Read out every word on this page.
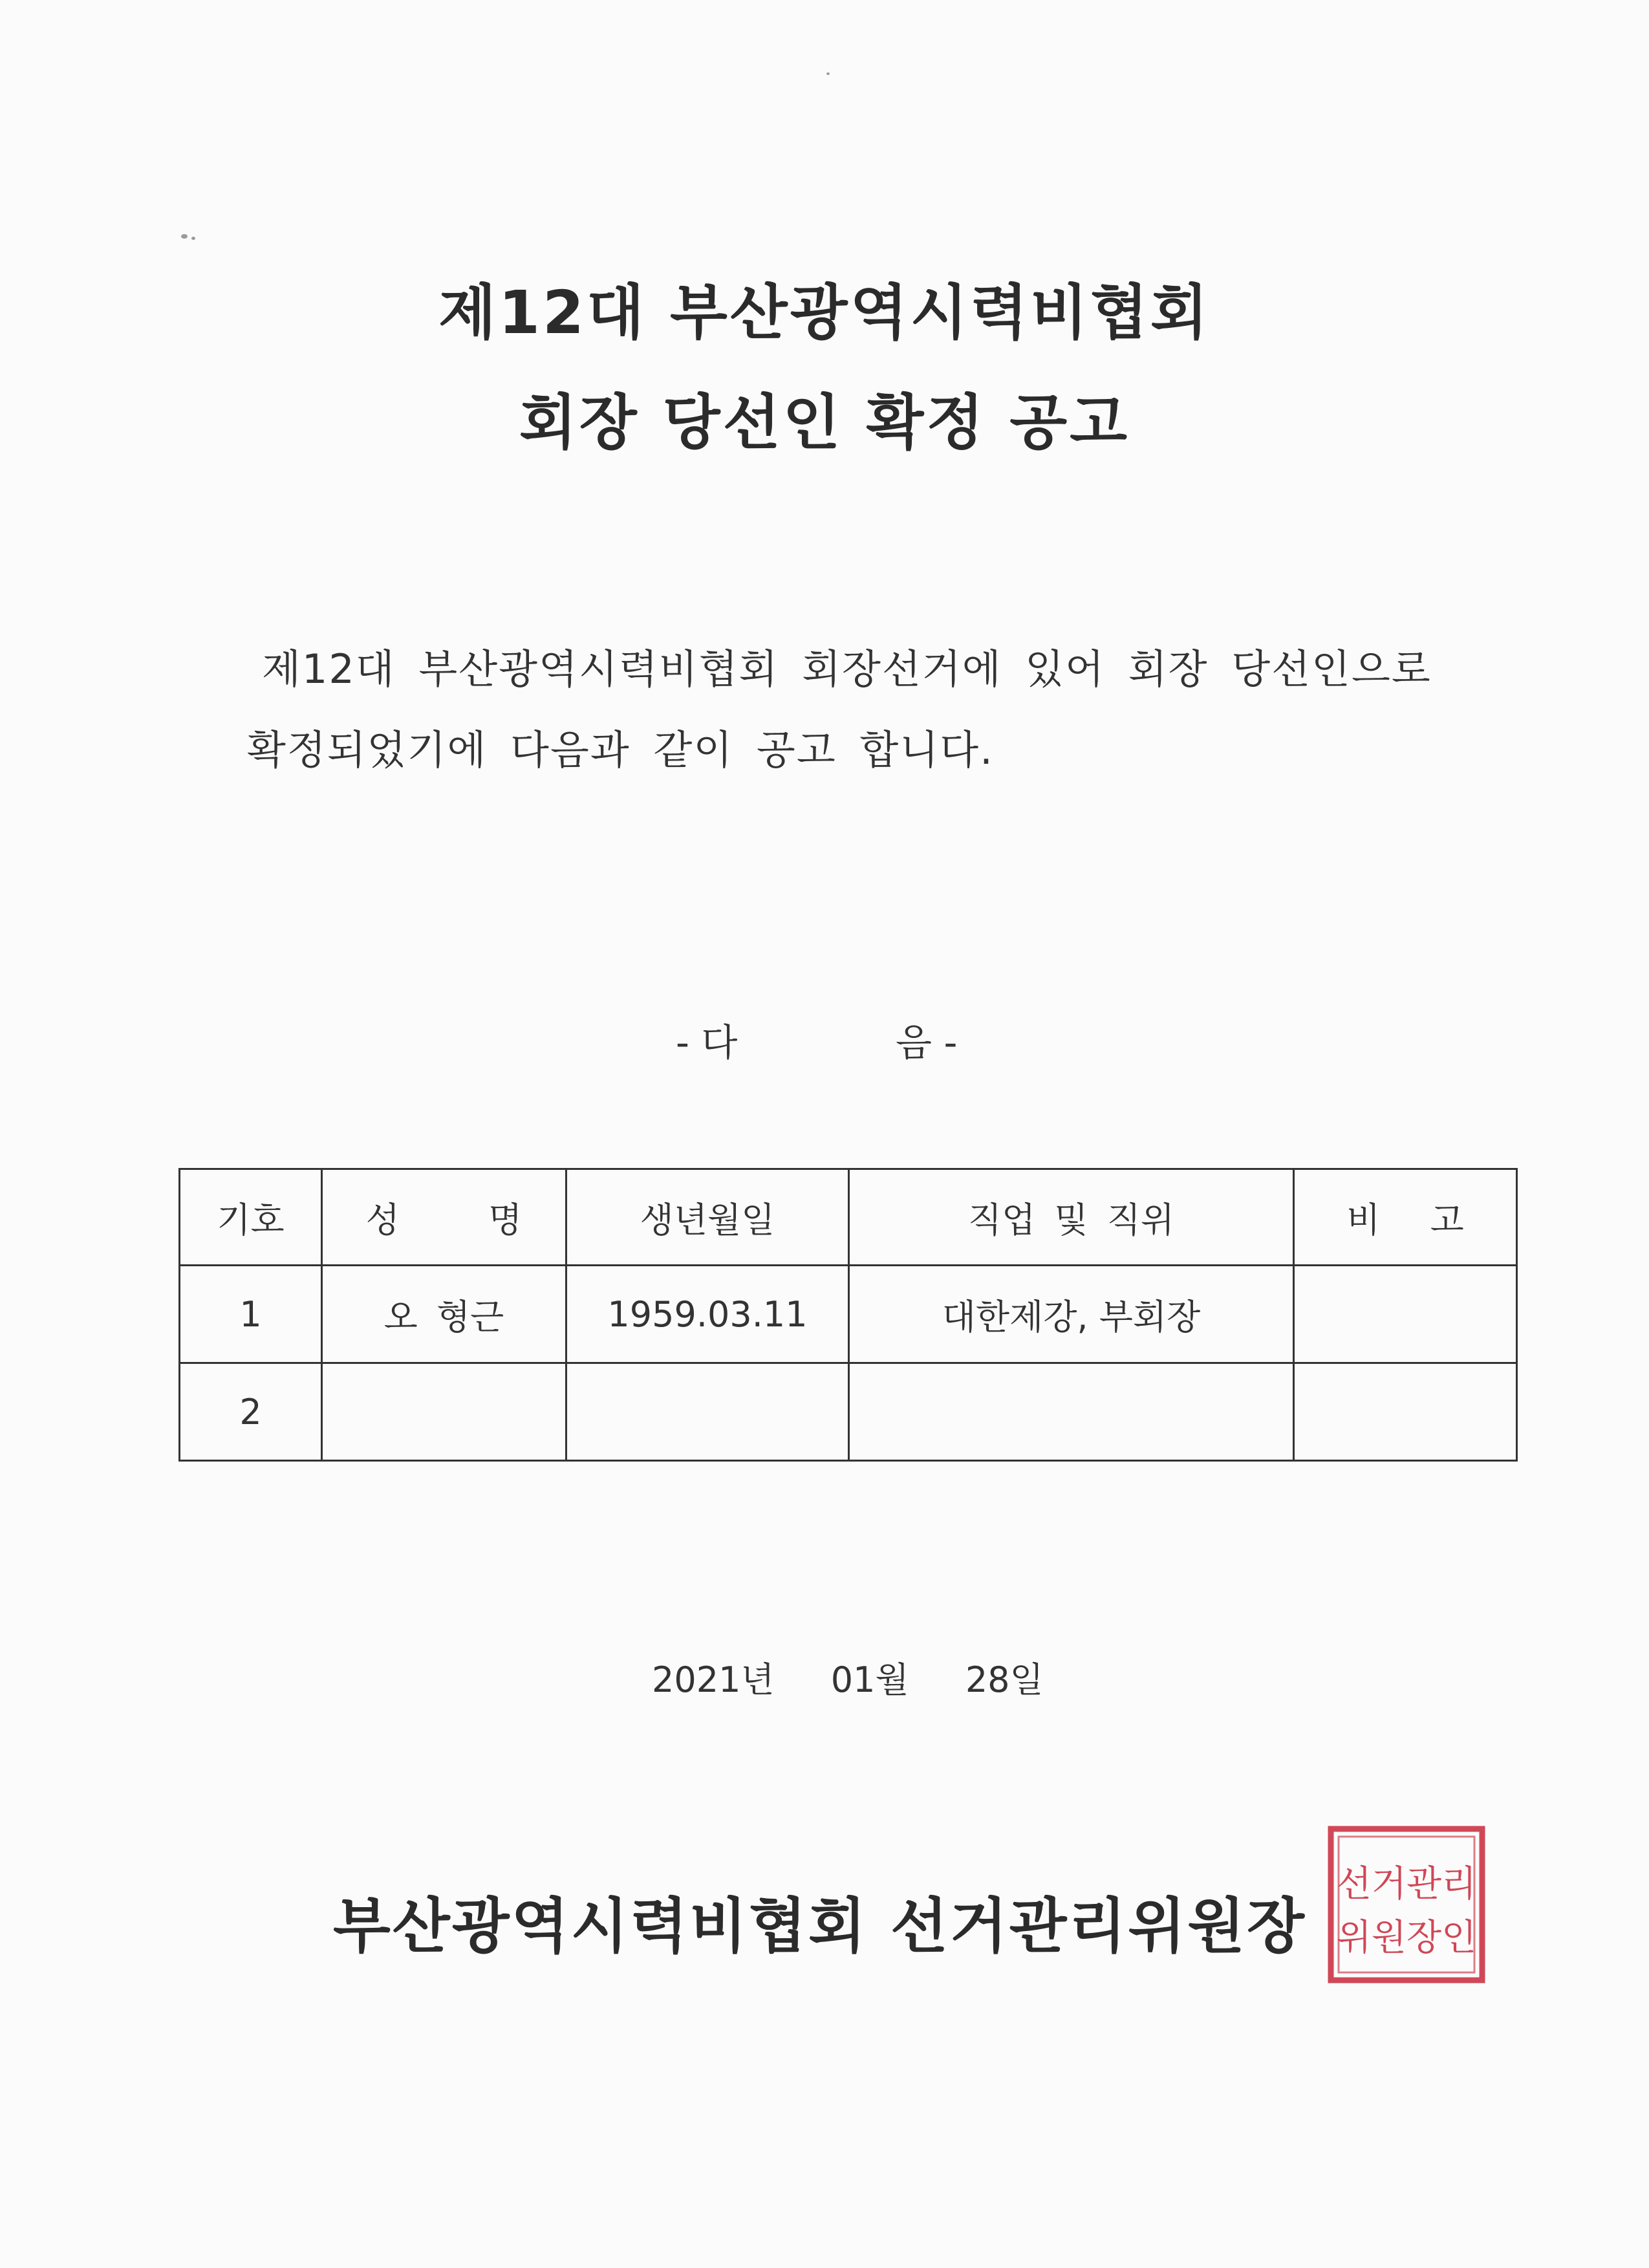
제12대 부산광역시력비협회
회장 당선인 확정 공고
제12대 부산광역시력비협회 회장선거에 있어 회장 당선인으로
확정되었기에 다음과 같이 공고 합니다.
- 다	음 -
기호	성 명	생년월일	직업 및 직위	비 고
1	오 형근	1959.03.11	대한제강, 부회장	
2				
2021년 01월 28일
부산광역시력비협회 선거관리위원장
선거관리
위원장인
